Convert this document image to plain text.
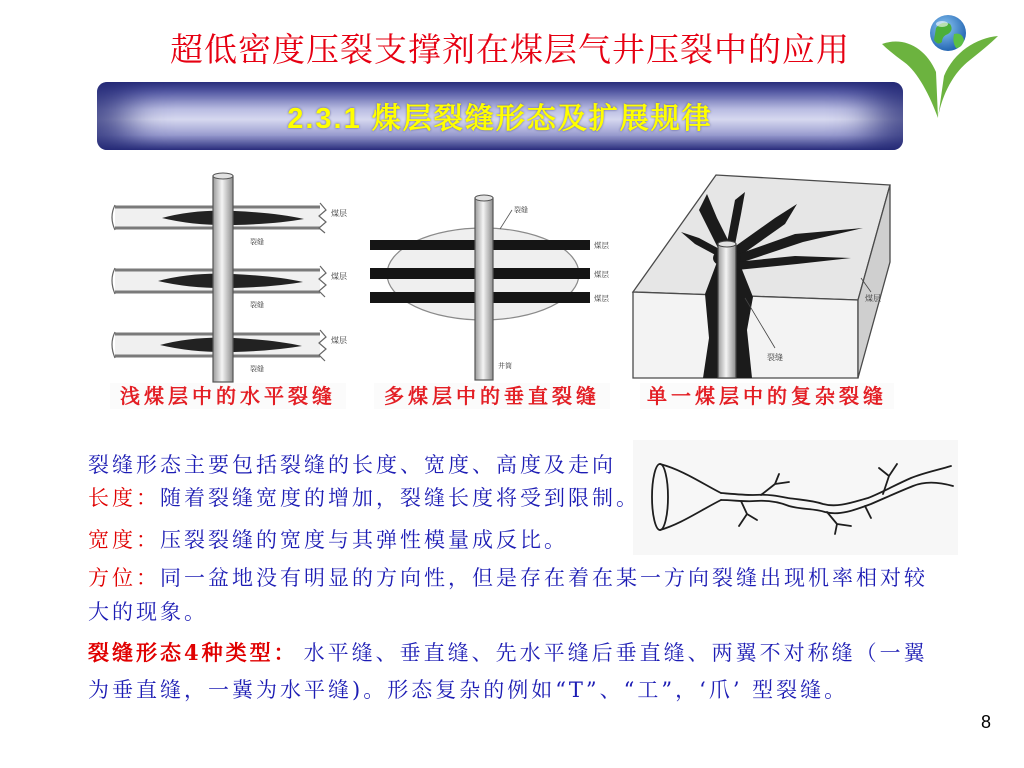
超低密度压裂支撑剂在煤层气井压裂中的应用
2.3.1 煤层裂缝形态及扩展规律
煤层
裂缝
煤层
裂缝
煤层
裂缝
浅煤层中的水平裂缝
裂缝
煤层
煤层
煤层
井筒
多煤层中的垂直裂缝
煤层
裂缝
单一煤层中的复杂裂缝
裂缝形态主要包括裂缝的长度、宽度、高度及走向
长度：随着裂缝宽度的增加，裂缝长度将受到限制。
宽度：压裂裂缝的宽度与其弹性模量成反比。
方位：同一盆地没有明显的方向性，但是存在着在某一方向裂缝出现机率相对较
大的现象。
裂缝形态4种类型： 水平缝、垂直缝、先水平缝后垂直缝、两翼不对称缝（一翼
为垂直缝，一冀为水平缝)。形态复杂的例如“T”、“工”，‘爪’ 型裂缝。
8
